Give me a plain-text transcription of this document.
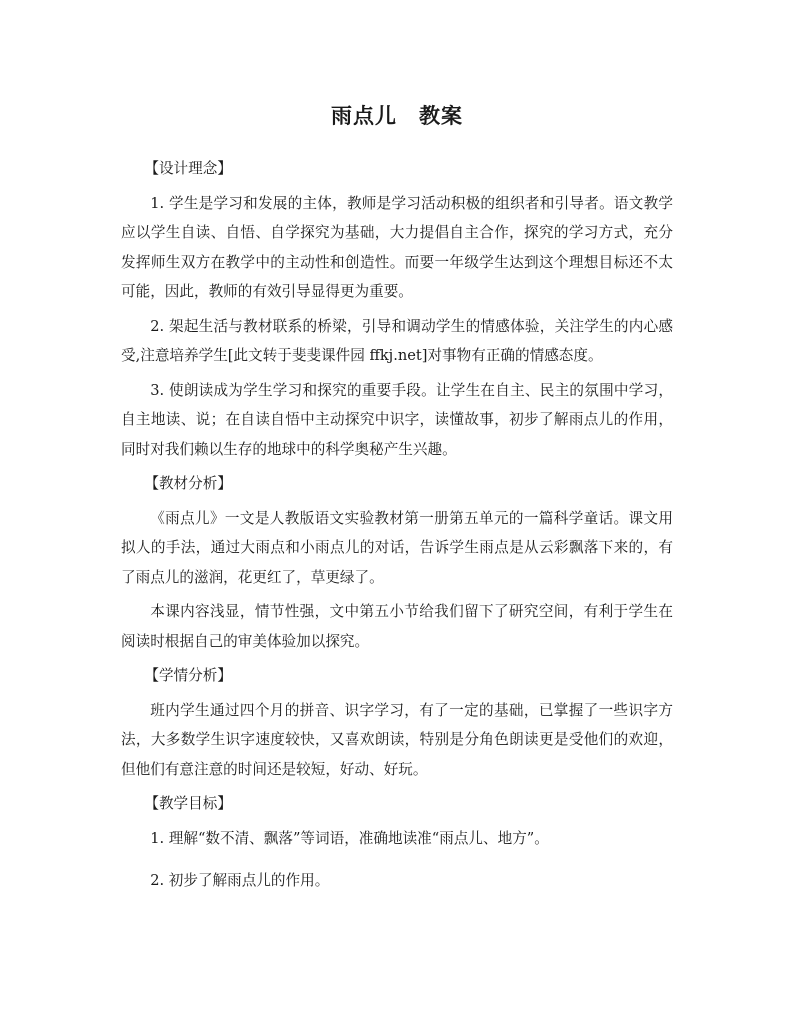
雨点儿　教案

【设计理念】

1. 学生是学习和发展的主体，教师是学习活动积极的组织者和引导者。语文教学应以学生自读、自悟、自学探究为基础，大力提倡自主合作，探究的学习方式，充分发挥师生双方在教学中的主动性和创造性。而要一年级学生达到这个理想目标还不太可能，因此，教师的有效引导显得更为重要。

2. 架起生活与教材联系的桥梁，引导和调动学生的情感体验，关注学生的内心感受,注意培养学生[此文转于斐斐课件园 ffkj.net]对事物有正确的情感态度。

3. 使朗读成为学生学习和探究的重要手段。让学生在自主、民主的氛围中学习，自主地读、说；在自读自悟中主动探究中识字，读懂故事，初步了解雨点儿的作用，同时对我们赖以生存的地球中的科学奥秘产生兴趣。

【教材分析】

《雨点儿》一文是人教版语文实验教材第一册第五单元的一篇科学童话。课文用拟人的手法，通过大雨点和小雨点儿的对话，告诉学生雨点是从云彩飘落下来的，有了雨点儿的滋润，花更红了，草更绿了。

本课内容浅显，情节性强，文中第五小节给我们留下了研究空间，有利于学生在阅读时根据自己的审美体验加以探究。

【学情分析】

班内学生通过四个月的拼音、识字学习，有了一定的基础，已掌握了一些识字方法，大多数学生识字速度较快，又喜欢朗读，特别是分角色朗读更是受他们的欢迎，但他们有意注意的时间还是较短，好动、好玩。

【教学目标】

1. 理解“数不清、飘落”等词语，准确地读准“雨点儿、地方”。

2. 初步了解雨点儿的作用。
